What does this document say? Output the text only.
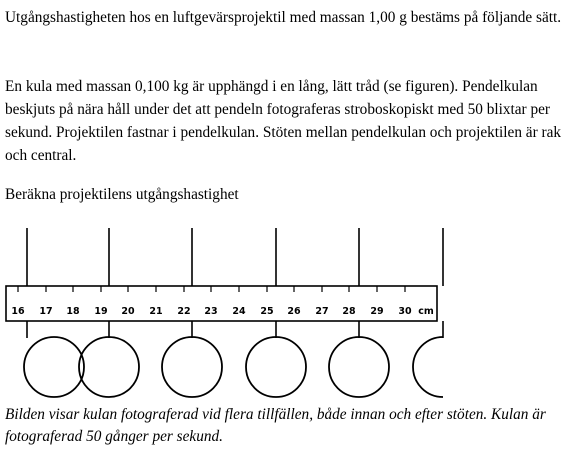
Utgångshastigheten hos en luftgevärsprojektil med massan 1,00 g bestäms på följande sätt.

En kula med massan 0,100 kg är upphängd i en lång, lätt tråd (se figuren). Pendelkulan beskjuts på nära håll under det att pendeln fotograferas stroboskopiskt med 50 blixtar per sekund. Projektilen fastnar i pendelkulan. Stöten mellan pendelkulan och projektilen är rak och central.

Beräkna projektilens utgångshastighet

16 17 18 19 20 21 22 23 24 25 26 27 28 29 30 cm

Bilden visar kulan fotograferad vid flera tillfällen, både innan och efter stöten. Kulan är fotograferad 50 gånger per sekund.
